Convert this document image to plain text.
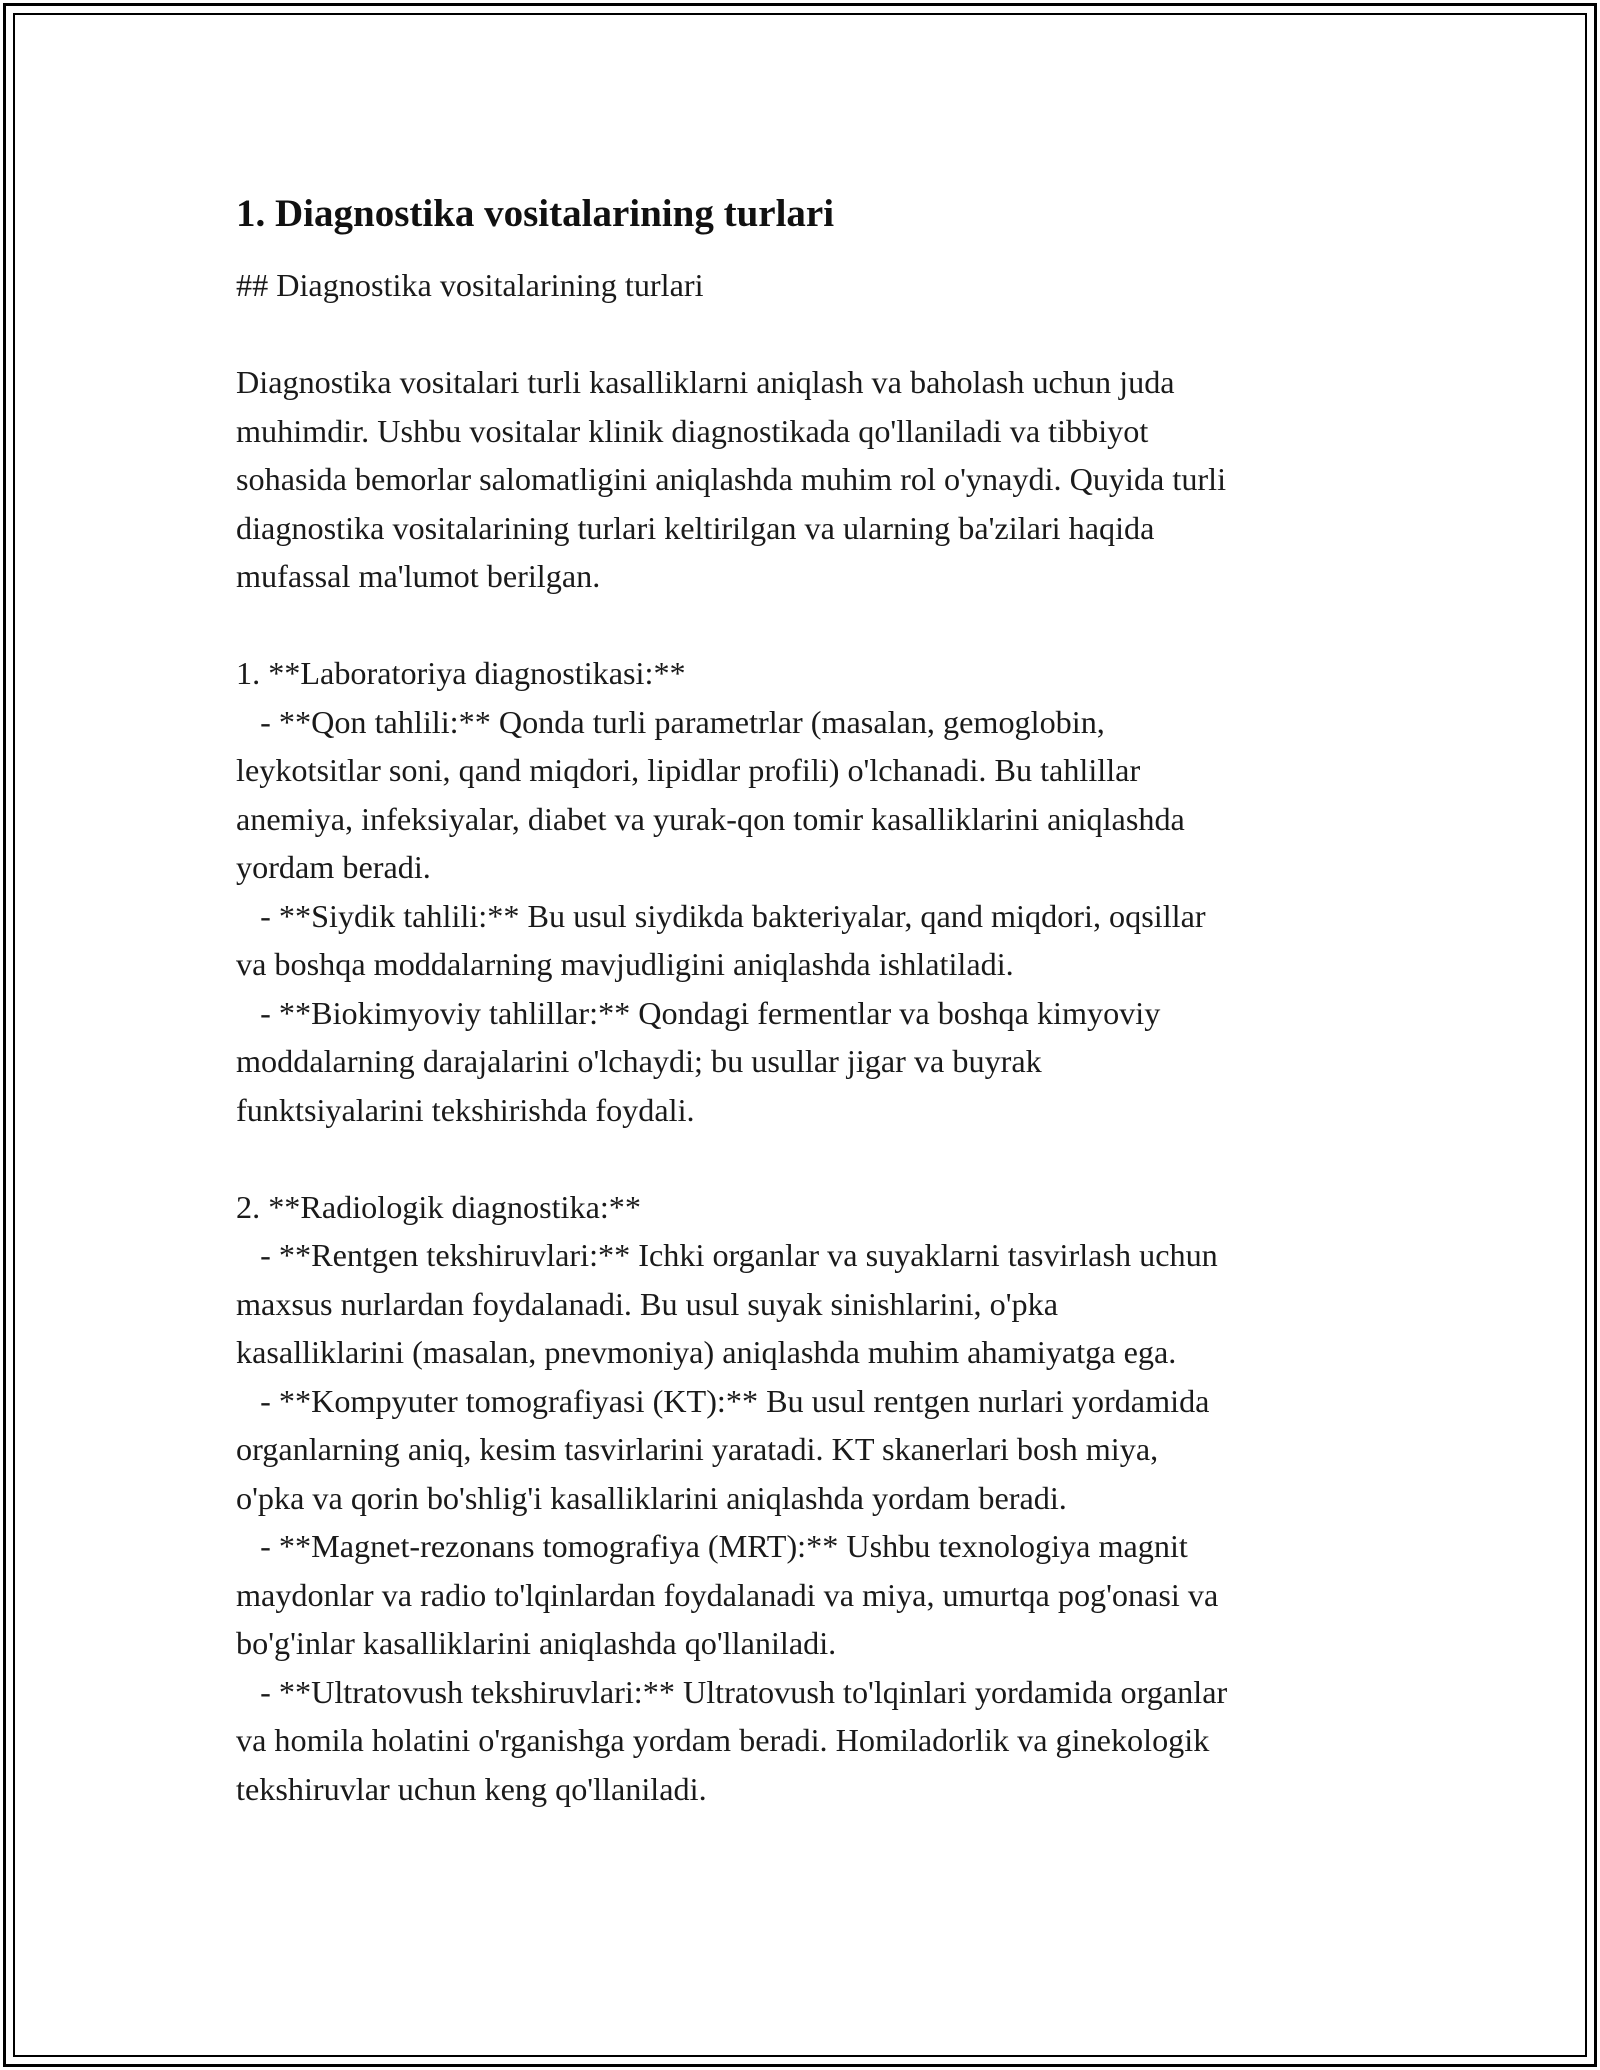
1. Diagnostika vositalarining turlari

## Diagnostika vositalarining turlari

Diagnostika vositalari turli kasalliklarni aniqlash va baholash uchun juda
muhimdir. Ushbu vositalar klinik diagnostikada qo'llaniladi va tibbiyot
sohasida bemorlar salomatligini aniqlashda muhim rol o'ynaydi. Quyida turli
diagnostika vositalarining turlari keltirilgan va ularning ba'zilari haqida
mufassal ma'lumot berilgan.

1. **Laboratoriya diagnostikasi:**
- **Qon tahlili:** Qonda turli parametrlar (masalan, gemoglobin,
leykotsitlar soni, qand miqdori, lipidlar profili) o'lchanadi. Bu tahlillar
anemiya, infeksiyalar, diabet va yurak-qon tomir kasalliklarini aniqlashda
yordam beradi.
- **Siydik tahlili:** Bu usul siydikda bakteriyalar, qand miqdori, oqsillar
va boshqa moddalarning mavjudligini aniqlashda ishlatiladi.
- **Biokimyoviy tahlillar:** Qondagi fermentlar va boshqa kimyoviy
moddalarning darajalarini o'lchaydi; bu usullar jigar va buyrak
funktsiyalarini tekshirishda foydali.

2. **Radiologik diagnostika:**
- **Rentgen tekshiruvlari:** Ichki organlar va suyaklarni tasvirlash uchun
maxsus nurlardan foydalanadi. Bu usul suyak sinishlarini, o'pka
kasalliklarini (masalan, pnevmoniya) aniqlashda muhim ahamiyatga ega.
- **Kompyuter tomografiyasi (KT):** Bu usul rentgen nurlari yordamida
organlarning aniq, kesim tasvirlarini yaratadi. KT skanerlari bosh miya,
o'pka va qorin bo'shlig'i kasalliklarini aniqlashda yordam beradi.
- **Magnet-rezonans tomografiya (MRT):** Ushbu texnologiya magnit
maydonlar va radio to'lqinlardan foydalanadi va miya, umurtqa pog'onasi va
bo'g'inlar kasalliklarini aniqlashda qo'llaniladi.
- **Ultratovush tekshiruvlari:** Ultratovush to'lqinlari yordamida organlar
va homila holatini o'rganishga yordam beradi. Homiladorlik va ginekologik
tekshiruvlar uchun keng qo'llaniladi.
